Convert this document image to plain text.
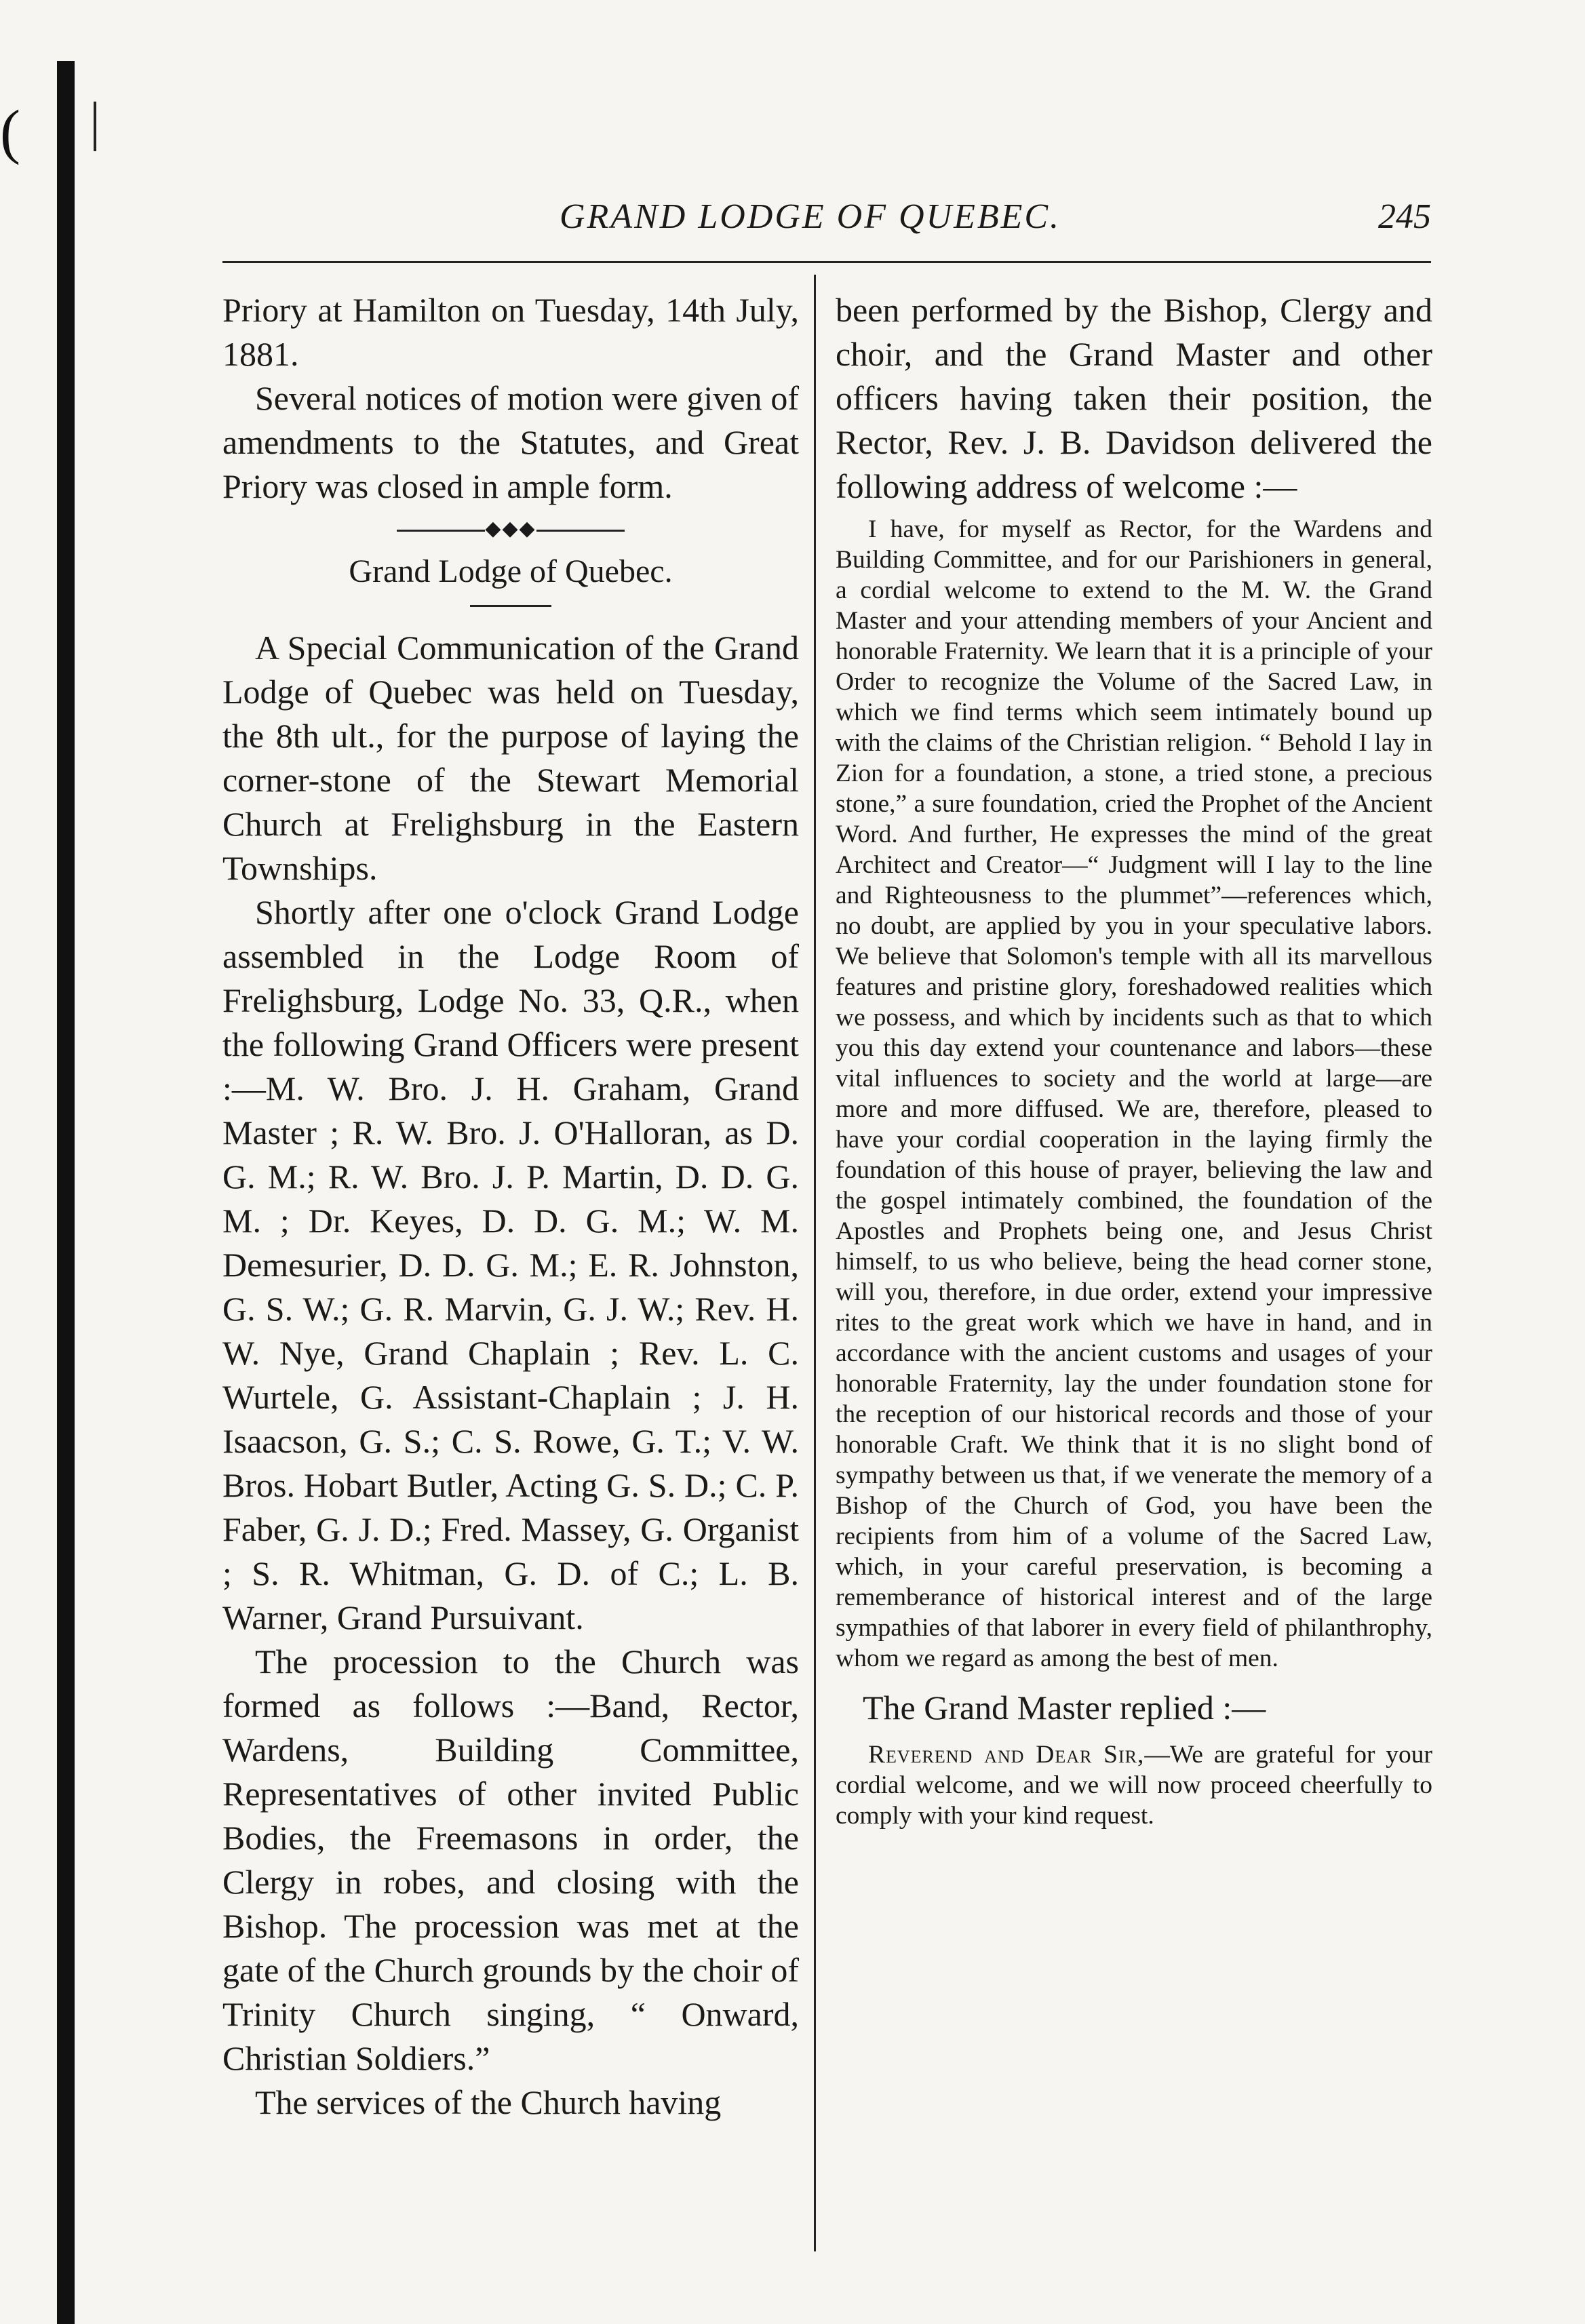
( |
GRAND LODGE OF QUEBEC.	245

Priory at Hamilton on Tuesday, 14th July, 1881.

Several notices of motion were given of amendments to the Statutes, and Great Priory was closed in ample form.

◆◆◆

Grand Lodge of Quebec.

A Special Communication of the Grand Lodge of Quebec was held on Tuesday, the 8th ult., for the purpose of laying the corner-stone of the Stewart Memorial Church at Frelighsburg in the Eastern Townships.

Shortly after one o'clock Grand Lodge assembled in the Lodge Room of Frelighsburg, Lodge No. 33, Q.R., when the following Grand Officers were present :—M. W. Bro. J. H. Graham, Grand Master ; R. W. Bro. J. O'Halloran, as D. G. M.; R. W. Bro. J. P. Martin, D. D. G. M. ; Dr. Keyes, D. D. G. M.; W. M. Demesurier, D. D. G. M.; E. R. Johnston, G. S. W.; G. R. Marvin, G. J. W.; Rev. H. W. Nye, Grand Chaplain ; Rev. L. C. Wurtele, G. Assistant-Chaplain ; J. H. Isaacson, G. S.; C. S. Rowe, G. T.; V. W. Bros. Hobart Butler, Acting G. S. D.; C. P. Faber, G. J. D.; Fred. Massey, G. Organist ; S. R. Whitman, G. D. of C.; L. B. Warner, Grand Pursuivant.

The procession to the Church was formed as follows :—Band, Rector, Wardens, Building Committee, Representatives of other invited Public Bodies, the Freemasons in order, the Clergy in robes, and closing with the Bishop. The procession was met at the gate of the Church grounds by the choir of Trinity Church singing, “ Onward, Christian Soldiers.”

The services of the Church having

been performed by the Bishop, Clergy and choir, and the Grand Master and other officers having taken their position, the Rector, Rev. J. B. Davidson delivered the following address of welcome :—

I have, for myself as Rector, for the Wardens and Building Committee, and for our Parishioners in general, a cordial welcome to extend to the M. W. the Grand Master and your attending members of your Ancient and honorable Fraternity. We learn that it is a principle of your Order to recognize the Volume of the Sacred Law, in which we find terms which seem intimately bound up with the claims of the Christian religion. “ Behold I lay in Zion for a foundation, a stone, a tried stone, a precious stone,” a sure foundation, cried the Prophet of the Ancient Word. And further, He expresses the mind of the great Architect and Creator—“ Judgment will I lay to the line and Righteousness to the plummet”—references which, no doubt, are applied by you in your speculative labors. We believe that Solomon's temple with all its marvellous features and pristine glory, foreshadowed realities which we possess, and which by incidents such as that to which you this day extend your countenance and labors—these vital influences to society and the world at large—are more and more diffused. We are, therefore, pleased to have your cordial cooperation in the laying firmly the foundation of this house of prayer, believing the law and the gospel intimately combined, the foundation of the Apostles and Prophets being one, and Jesus Christ himself, to us who believe, being the head corner stone, will you, therefore, in due order, extend your impressive rites to the great work which we have in hand, and in accordance with the ancient customs and usages of your honorable Fraternity, lay the under foundation stone for the reception of our historical records and those of your honorable Craft. We think that it is no slight bond of sympathy between us that, if we venerate the memory of a Bishop of the Church of God, you have been the recipients from him of a volume of the Sacred Law, which, in your careful preservation, is becoming a rememberance of historical interest and of the large sympathies of that laborer in every field of philanthrophy, whom we regard as among the best of men.

The Grand Master replied :—

Reverend and Dear Sir,—We are grateful for your cordial welcome, and we will now proceed cheerfully to comply with your kind request.
